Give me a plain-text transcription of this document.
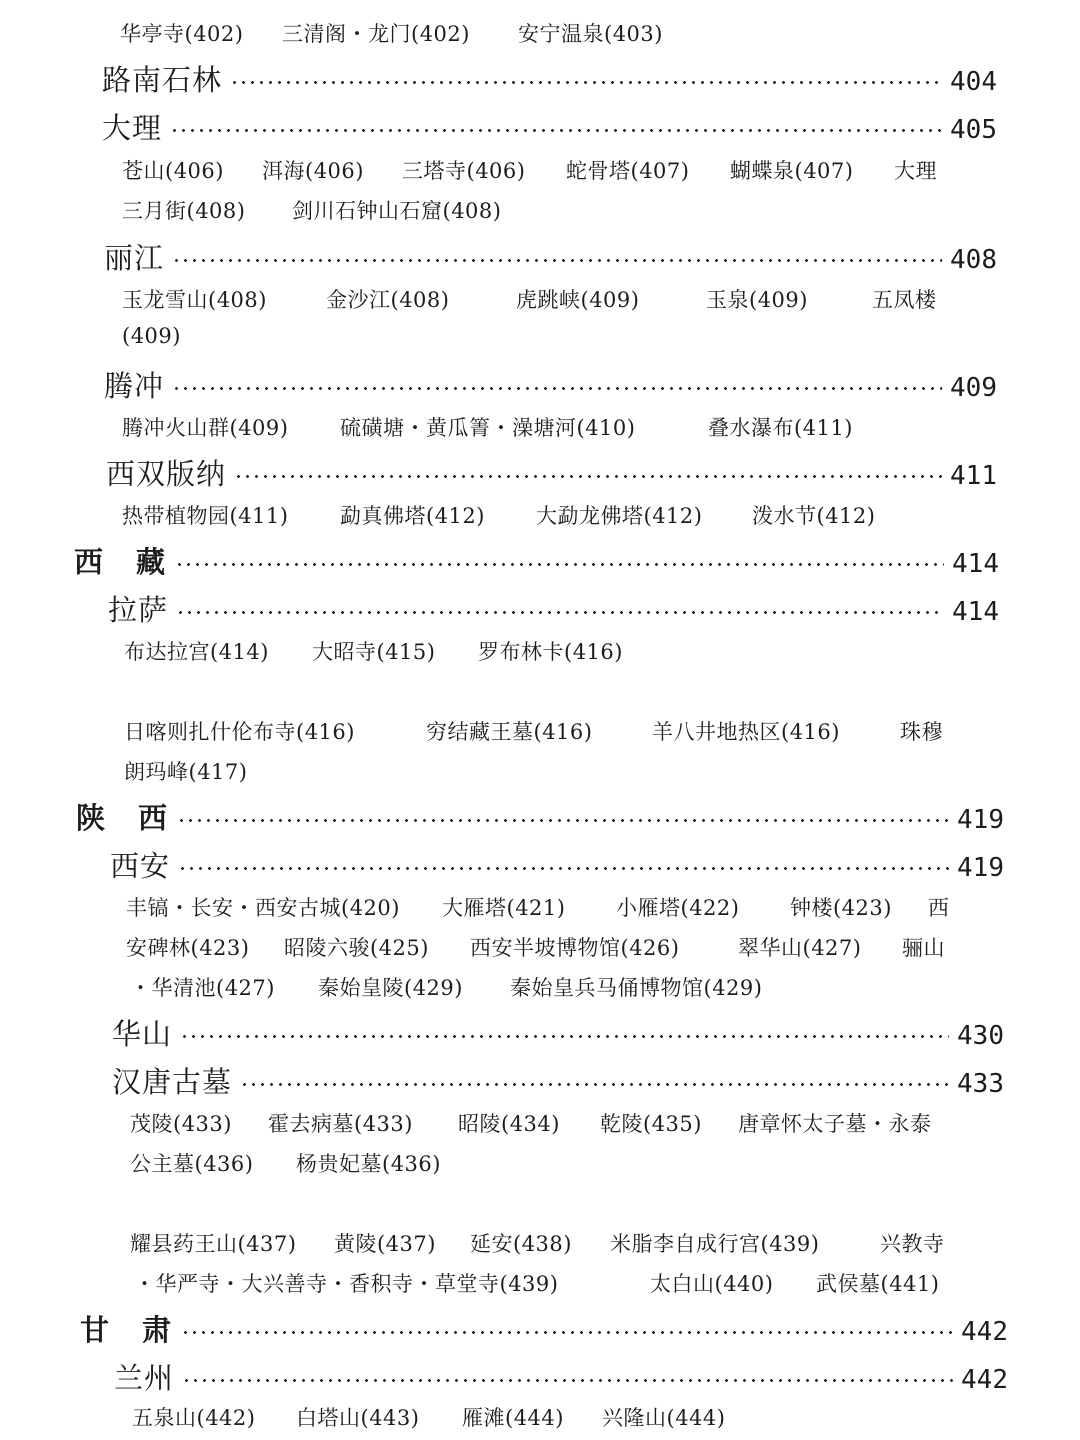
华亭寺(402) 三清阁・龙门(402) 安宁温泉(403)
路南石林	404
大理	405
苍山(406) 洱海(406) 三塔寺(406) 蛇骨塔(407) 蝴蝶泉(407) 大理
三月街(408) 剑川石钟山石窟(408)
丽江	408
玉龙雪山(408)	金沙江(408)	虎跳峡(409)	玉泉(409)	五凤楼
(409)
腾冲	409
腾冲火山群(409) 硫磺塘・黄瓜箐・澡塘河(410)	叠水瀑布(411)
西双版纳	411
热带植物园(411) 勐真佛塔(412) 大勐龙佛塔(412) 泼水节(412)
西　藏	414
拉萨	414
布达拉宫(414) 大昭寺(415) 罗布林卡(416)
日喀则扎什伦布寺(416)	穷结藏王墓(416)	羊八井地热区(416)	珠穆
朗玛峰(417)
陕　西	419
西安	419
丰镐・长安・西安古城(420) 大雁塔(421) 小雁塔(422) 钟楼(423) 西
安碑林(423) 昭陵六骏(425) 西安半坡博物馆(426)	翠华山(427) 骊山
・华清池(427) 秦始皇陵(429) 秦始皇兵马俑博物馆(429)
华山	430
汉唐古墓	433
茂陵(433) 霍去病墓(433) 昭陵(434) 乾陵(435) 唐章怀太子墓・永泰
公主墓(436) 杨贵妃墓(436)
耀县药王山(437) 黄陵(437) 延安(438) 米脂李自成行宫(439)	兴教寺
・华严寺・大兴善寺・香积寺・草堂寺(439)	太白山(440) 武侯墓(441)
甘　肃	442
兰州	442
五泉山(442) 白塔山(443) 雁滩(444) 兴隆山(444)
